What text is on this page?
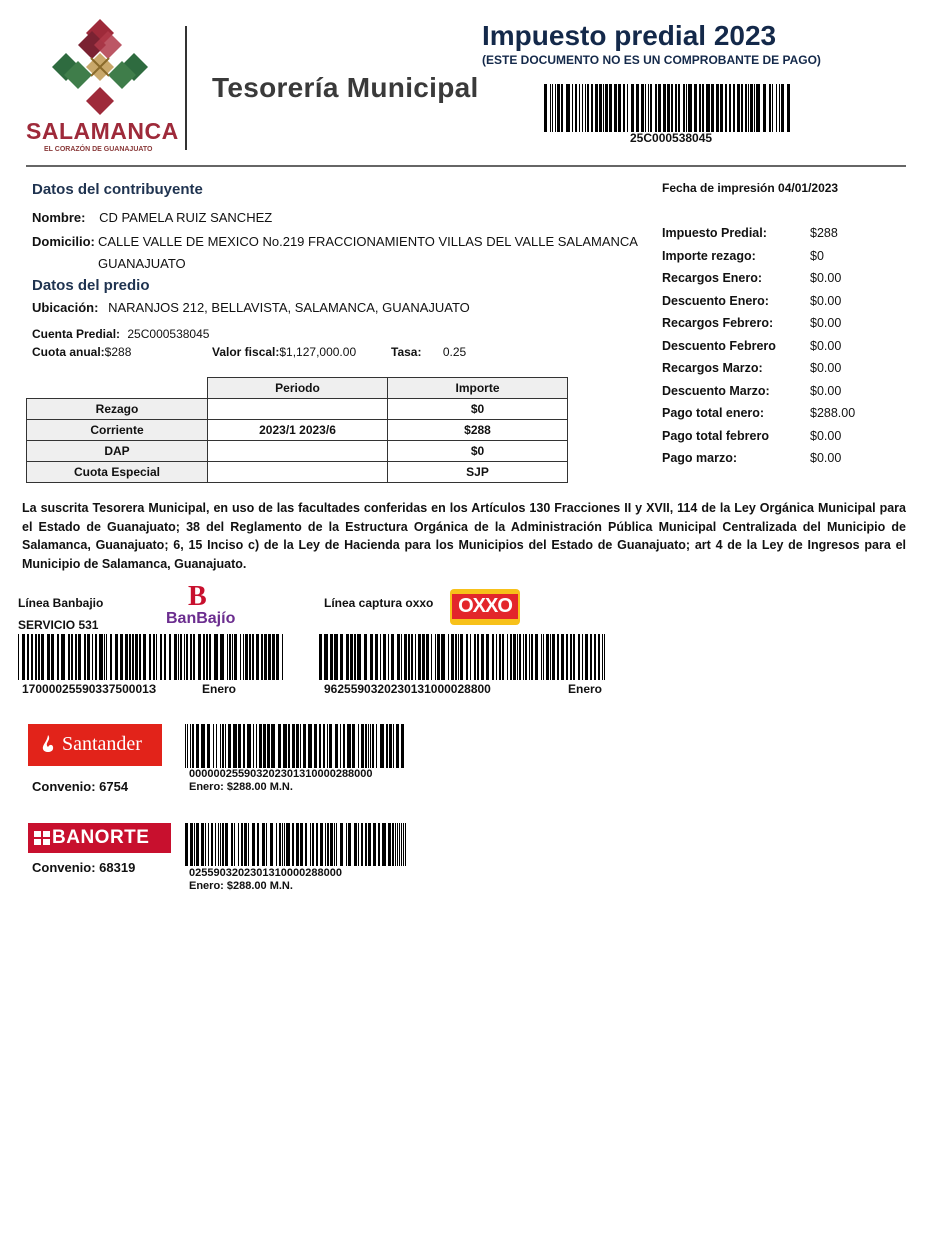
SALAMANCA
EL CORAZÓN DE GUANAJUATO
Tesorería Municipal
Impuesto predial 2023
(ESTE DOCUMENTO NO ES UN COMPROBANTE DE PAGO)
25C000538045
Datos del contribuyente
Nombre: CD PAMELA RUIZ SANCHEZ
Domicilio: CALLE VALLE DE MEXICO No.219 FRACCIONAMIENTO VILLAS DEL VALLE SALAMANCA
GUANAJUATO
Datos del predio
Ubicación: NARANJOS 212, BELLAVISTA, SALAMANCA, GUANAJUATO
Cuenta Predial: 25C000538045
Cuota anual:$288	Valor fiscal:$1,127,000.00	Tasa: 0.25
	Periodo	Importe
Rezago		$0
Corriente	2023/1 2023/6	$288
DAP		$0
Cuota Especial		SJP
Fecha de impresión 04/01/2023
Impuesto Predial:	$288
Importe rezago:	$0
Recargos Enero:	$0.00
Descuento Enero:	$0.00
Recargos Febrero:	$0.00
Descuento Febrero	$0.00
Recargos Marzo:	$0.00
Descuento Marzo:	$0.00
Pago total enero:	$288.00
Pago total febrero	$0.00
Pago marzo:	$0.00
La suscrita Tesorera Municipal, en uso de las facultades conferidas en los Artículos 130 Fracciones II y XVII, 114 de la Ley Orgánica Municipal para el Estado de Guanajuato; 38 del Reglamento de la Estructura Orgánica de la Administración Pública Municipal Centralizada del Municipio de Salamanca, Guanajuato; 6, 15 Inciso c) de la Ley de Hacienda para los Municipios del Estado de Guanajuato; art 4 de la Ley de Ingresos para el Municipio de Salamanca, Guanajuato.
Línea Banbajio
SERVICIO 531
B
BanBajío
1700002559033750001З	Enero
Línea captura oxxo	OXXO
9625590320230131000028800	Enero
Santander
Convenio: 6754
000000255903202301310000288000
Enero: $288.00 M.N.
BANORTE
Convenio: 68319	0255903202301310000288000
Enero: $288.00 M.N.
